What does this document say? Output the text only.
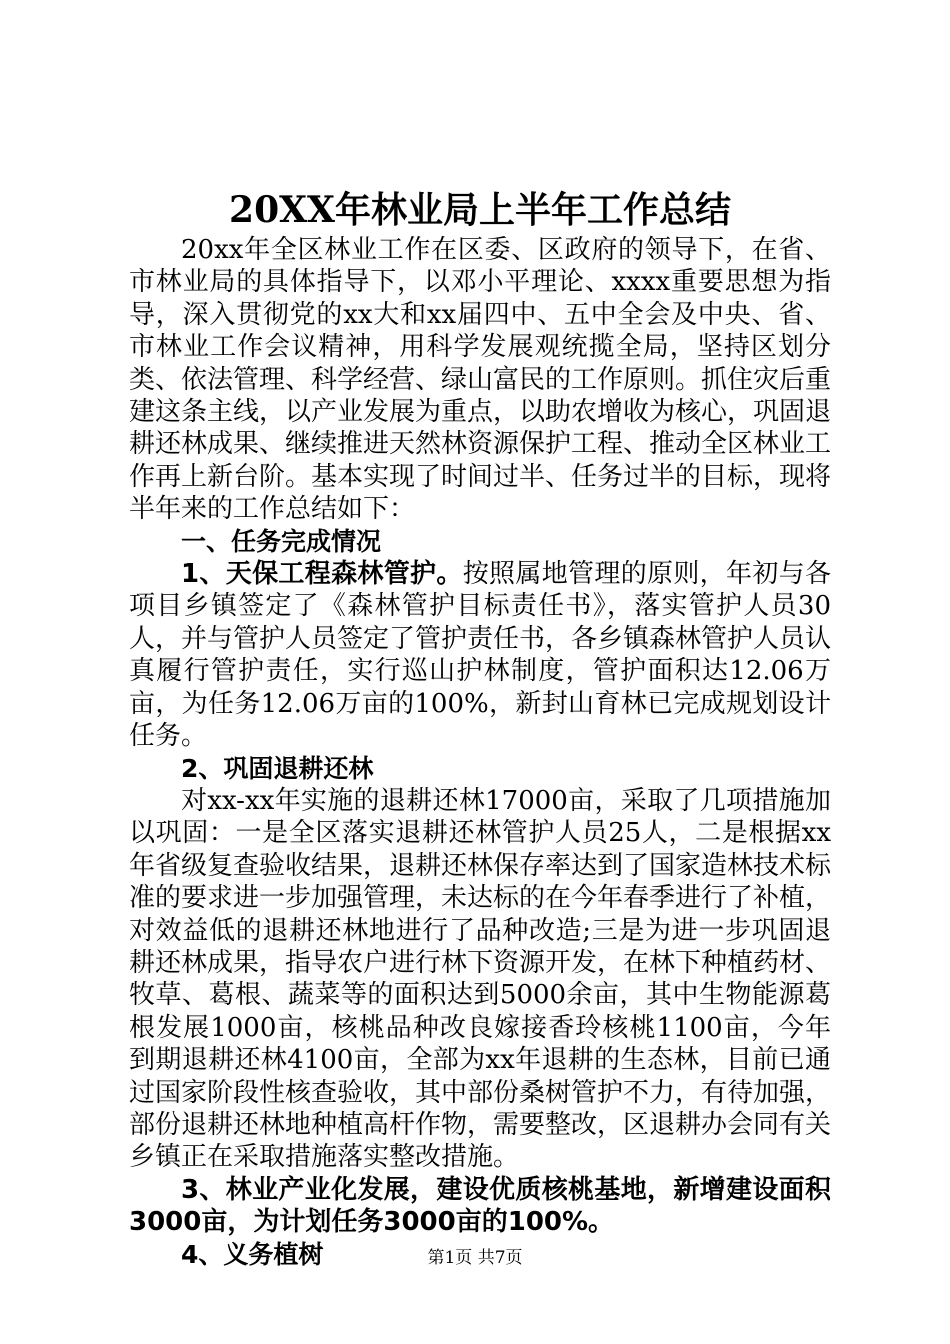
20XX年林业局上半年工作总结

20xx年全区林业工作在区委、区政府的领导下，在省、市林业局的具体指导下，以邓小平理论、xxxx重要思想为指导，深入贯彻党的xx大和xx届四中、五中全会及中央、省、市林业工作会议精神，用科学发展观统揽全局，坚持区划分类、依法管理、科学经营、绿山富民的工作原则。抓住灾后重建这条主线，以产业发展为重点，以助农增收为核心，巩固退耕还林成果、继续推进天然林资源保护工程、推动全区林业工作再上新台阶。基本实现了时间过半、任务过半的目标，现将半年来的工作总结如下：

一、任务完成情况

1、天保工程森林管护。按照属地管理的原则，年初与各项目乡镇签定了《森林管护目标责任书》，落实管护人员30人，并与管护人员签定了管护责任书，各乡镇森林管护人员认真履行管护责任，实行巡山护林制度，管护面积达12.06万亩，为任务12.06万亩的100%，新封山育林已完成规划设计任务。

2、巩固退耕还林

对xx-xx年实施的退耕还林17000亩，采取了几项措施加以巩固：一是全区落实退耕还林管护人员25人，二是根据xx年省级复查验收结果，退耕还林保存率达到了国家造林技术标准的要求进一步加强管理，未达标的在今年春季进行了补植，对效益低的退耕还林地进行了品种改造;三是为进一步巩固退耕还林成果，指导农户进行林下资源开发，在林下种植药材、牧草、葛根、蔬菜等的面积达到5000余亩，其中生物能源葛根发展1000亩，核桃品种改良嫁接香玲核桃1100亩，今年到期退耕还林4100亩，全部为xx年退耕的生态林，目前已通过国家阶段性核查验收，其中部份桑树管护不力，有待加强，部份退耕还林地种植高杆作物，需要整改，区退耕办会同有关乡镇正在采取措施落实整改措施。

3、林业产业化发展，建设优质核桃基地，新增建设面积3000亩，为计划任务3000亩的100%。

4、义务植树	第1页 共7页
